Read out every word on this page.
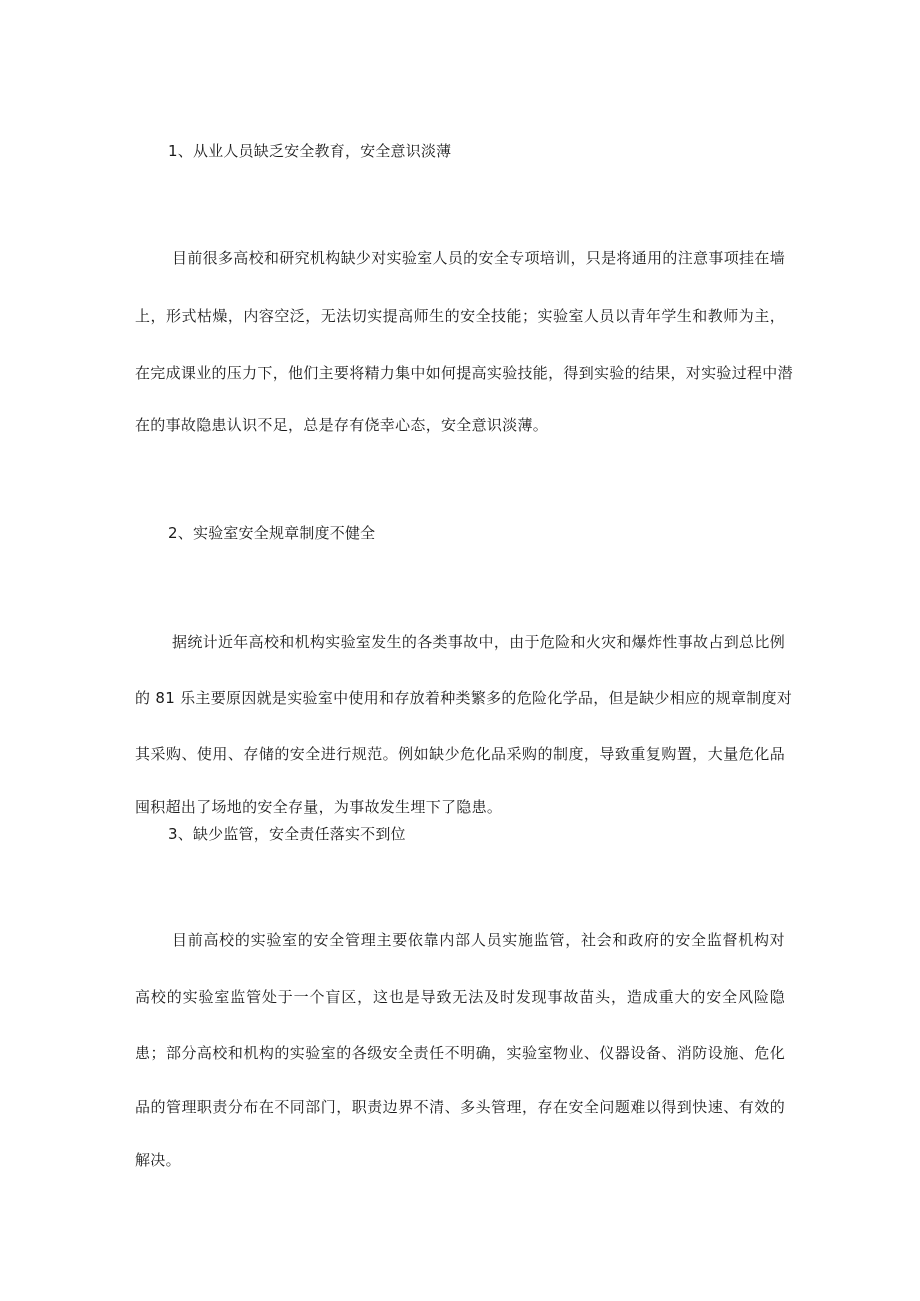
1、从业人员缺乏安全教育，安全意识淡薄
目前很多高校和研究机构缺少对实验室人员的安全专项培训，只是将通用的注意事项挂在墙
上，形式枯燥，内容空泛，无法切实提高师生的安全技能；实验室人员以青年学生和教师为主，
在完成课业的压力下，他们主要将精力集中如何提高实验技能，得到实验的结果，对实验过程中潜
在的事故隐患认识不足，总是存有侥幸心态，安全意识淡薄。
2、实验室安全规章制度不健全
据统计近年高校和机构实验室发生的各类事故中，由于危险和火灾和爆炸性事故占到总比例
的 81 乐主要原因就是实验室中使用和存放着种类繁多的危险化学品，但是缺少相应的规章制度对
其采购、使用、存储的安全进行规范。例如缺少危化品采购的制度，导致重复购置，大量危化品
囤积超出了场地的安全存量，为事故发生埋下了隐患。
3、缺少监管，安全责任落实不到位
目前高校的实验室的安全管理主要依靠内部人员实施监管，社会和政府的安全监督机构对
高校的实验室监管处于一个盲区，这也是导致无法及时发现事故苗头，造成重大的安全风险隐
患；部分高校和机构的实验室的各级安全责任不明确，实验室物业、仪器设备、消防设施、危化
品的管理职责分布在不同部门，职责边界不清、多头管理，存在安全问题难以得到快速、有效的
解决。
